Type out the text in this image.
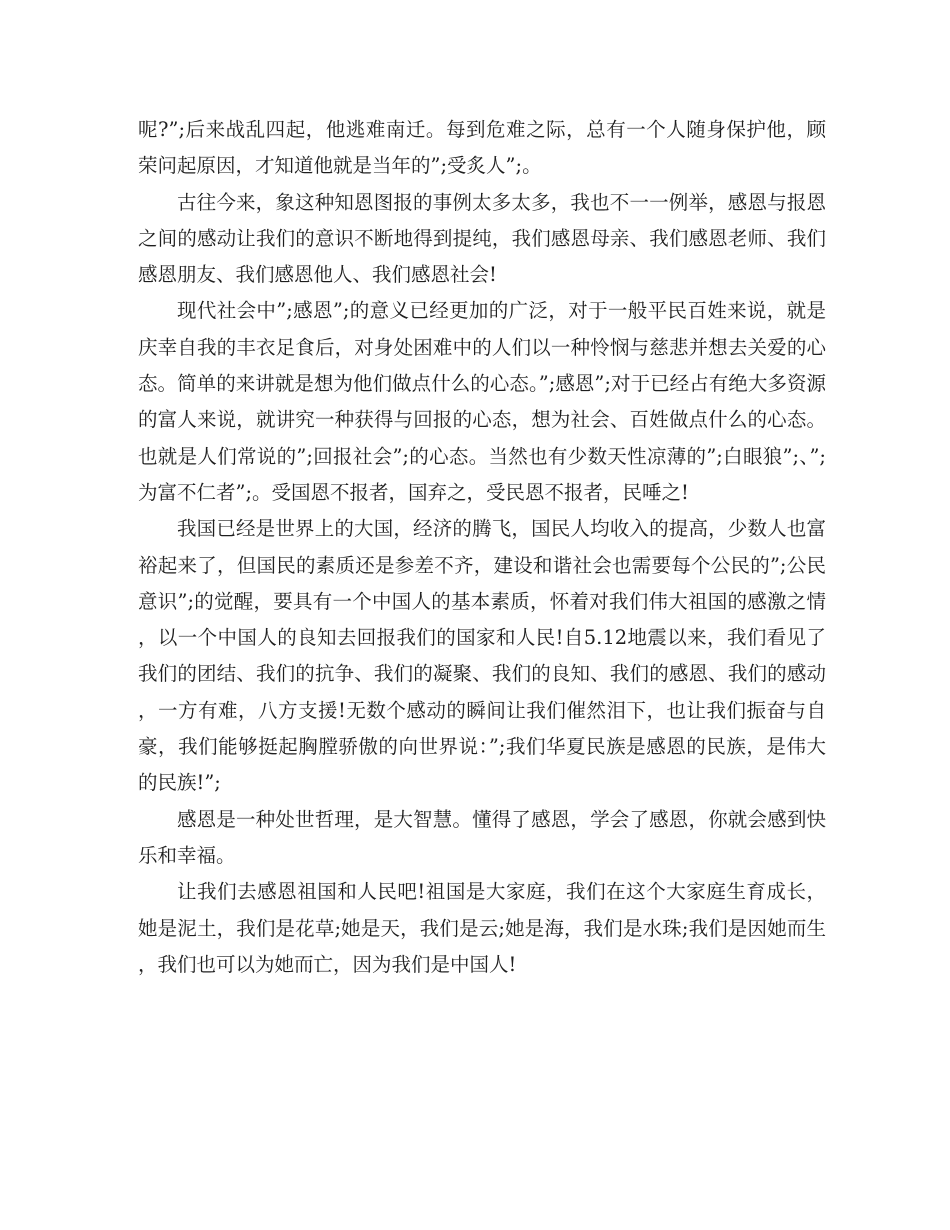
呢?”;后来战乱四起，他逃难南迁。每到危难之际，总有一个人随身保护他，顾荣问起原因，才知道他就是当年的”;受炙人”;。

古往今来，象这种知恩图报的事例太多太多，我也不一一例举，感恩与报恩之间的感动让我们的意识不断地得到提纯，我们感恩母亲、我们感恩老师、我们感恩朋友、我们感恩他人、我们感恩社会!

现代社会中”;感恩”;的意义已经更加的广泛，对于一般平民百姓来说，就是庆幸自我的丰衣足食后，对身处困难中的人们以一种怜悯与慈悲并想去关爱的心态。简单的来讲就是想为他们做点什么的心态。”;感恩”;对于已经占有绝大多资源的富人来说，就讲究一种获得与回报的心态，想为社会、百姓做点什么的心态。也就是人们常说的”;回报社会”;的心态。当然也有少数天性凉薄的”;白眼狼”;、”;为富不仁者”;。受国恩不报者，国弃之，受民恩不报者，民唾之!

我国已经是世界上的大国，经济的腾飞，国民人均收入的提高，少数人也富裕起来了，但国民的素质还是参差不齐，建设和谐社会也需要每个公民的”;公民意识”;的觉醒，要具有一个中国人的基本素质，怀着对我们伟大祖国的感激之情，以一个中国人的良知去回报我们的国家和人民!自5.12地震以来，我们看见了我们的团结、我们的抗争、我们的凝聚、我们的良知、我们的感恩、我们的感动，一方有难，八方支援!无数个感动的瞬间让我们催然泪下，也让我们振奋与自豪，我们能够挺起胸膛骄傲的向世界说：”;我们华夏民族是感恩的民族，是伟大的民族!”;

感恩是一种处世哲理，是大智慧。懂得了感恩，学会了感恩，你就会感到快乐和幸福。

让我们去感恩祖国和人民吧!祖国是大家庭，我们在这个大家庭生育成长，她是泥土，我们是花草;她是天，我们是云;她是海，我们是水珠;我们是因她而生，我们也可以为她而亡，因为我们是中国人!
